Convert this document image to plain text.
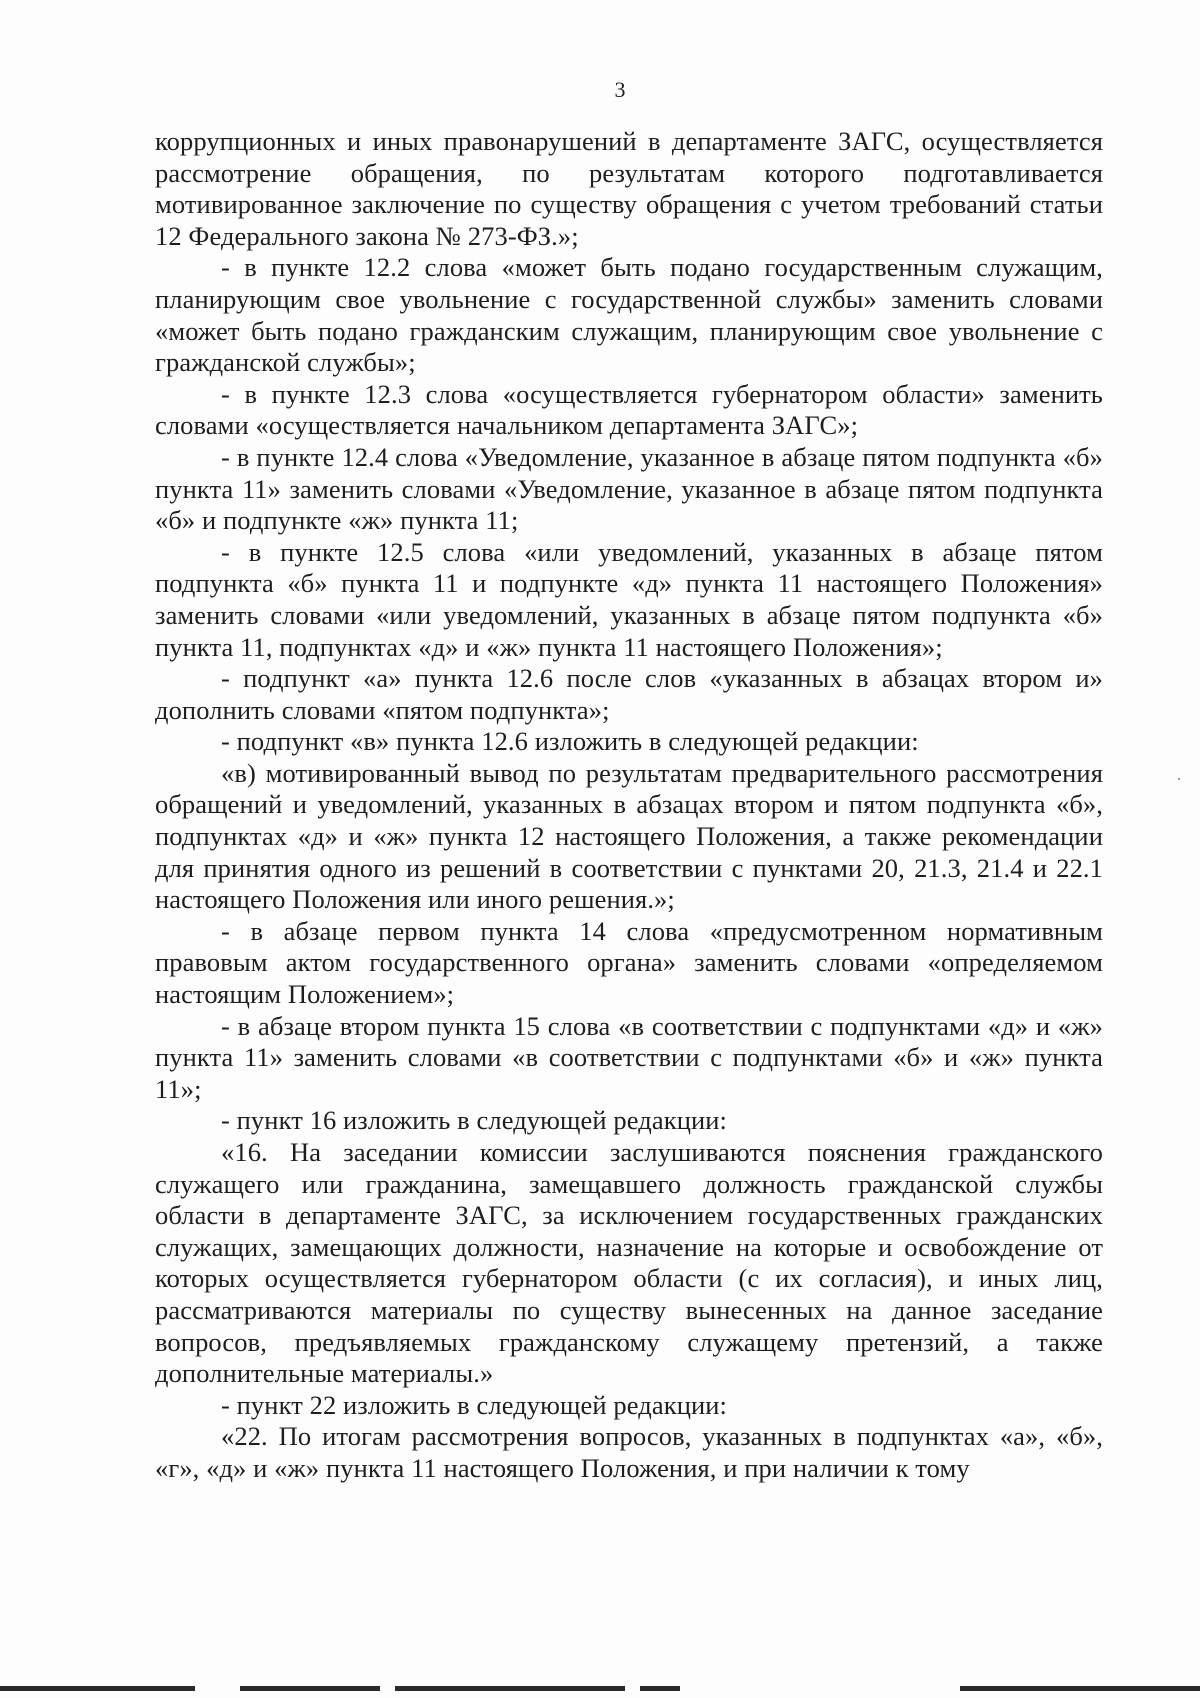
3

коррупционных и иных правонарушений в департаменте ЗАГС, осуществляется рассмотрение обращения, по результатам которого подготавливается мотивированное заключение по существу обращения с учетом требований статьи 12 Федерального закона № 273-ФЗ.»;

- в пункте 12.2 слова «может быть подано государственным служащим, планирующим свое увольнение с государственной службы» заменить словами «может быть подано гражданским служащим, планирующим свое увольнение с гражданской службы»;

- в пункте 12.3 слова «осуществляется губернатором области» заменить словами «осуществляется начальником департамента ЗАГС»;

- в пункте 12.4 слова «Уведомление, указанное в абзаце пятом подпункта «б» пункта 11» заменить словами «Уведомление, указанное в абзаце пятом подпункта «б» и подпункте «ж» пункта 11;

- в пункте 12.5 слова «или уведомлений, указанных в абзаце пятом подпункта «б» пункта 11 и подпункте «д» пункта 11 настоящего Положения» заменить словами «или уведомлений, указанных в абзаце пятом подпункта «б» пункта 11, подпунктах «д» и «ж» пункта 11 настоящего Положения»;

- подпункт «а» пункта 12.6 после слов «указанных в абзацах втором и» дополнить словами «пятом подпункта»;

- подпункт «в» пункта 12.6 изложить в следующей редакции:

«в) мотивированный вывод по результатам предварительного рассмотрения обращений и уведомлений, указанных в абзацах втором и пятом подпункта «б», подпунктах «д» и «ж» пункта 12 настоящего Положения, а также рекомендации для принятия одного из решений в соответствии с пунктами 20, 21.3, 21.4 и 22.1 настоящего Положения или иного решения.»;

- в абзаце первом пункта 14 слова «предусмотренном нормативным правовым актом государственного органа» заменить словами «определяемом настоящим Положением»;

- в абзаце втором пункта 15 слова «в соответствии с подпунктами «д» и «ж» пункта 11» заменить словами «в соответствии с подпунктами «б» и «ж» пункта 11»;

- пункт 16 изложить в следующей редакции:

«16. На заседании комиссии заслушиваются пояснения гражданского служащего или гражданина, замещавшего должность гражданской службы области в департаменте ЗАГС, за исключением государственных гражданских служащих, замещающих должности, назначение на которые и освобождение от которых осуществляется губернатором области (с их согласия), и иных лиц, рассматриваются материалы по существу вынесенных на данное заседание вопросов, предъявляемых гражданскому служащему претензий, а также дополнительные материалы.»

- пункт 22 изложить в следующей редакции:

«22. По итогам рассмотрения вопросов, указанных в подпунктах «а», «б», «г», «д» и «ж» пункта 11 настоящего Положения, и при наличии к тому
